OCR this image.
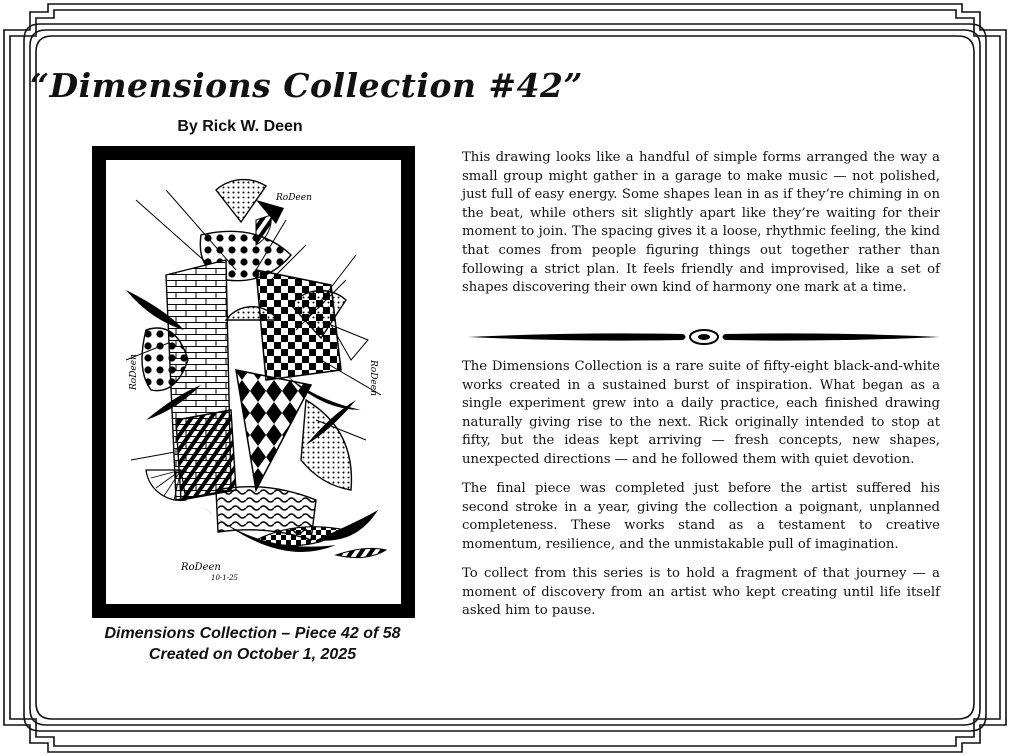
“Dimensions Collection #42”
By Rick W. Deen
RoDeen
RoDeen	RoDeen
RoDeen
10-1-25
Dimensions Collection – Piece 42 of 58
Created on October 1, 2025

This drawing looks like a handful of simple forms arranged the way a small group might gather in a garage to make music — not polished, just full of easy energy. Some shapes lean in as if they’re chiming in on the beat, while others sit slightly apart like they’re waiting for their moment to join. The spacing gives it a loose, rhythmic feeling, the kind that comes from people figuring things out together rather than following a strict plan. It feels friendly and improvised, like a set of shapes discovering their own kind of harmony one mark at a time.

The Dimensions Collection is a rare suite of fifty-eight black-and-white works created in a sustained burst of inspiration. What began as a single experiment grew into a daily practice, each finished drawing naturally giving rise to the next. Rick originally intended to stop at fifty, but the ideas kept arriving — fresh concepts, new shapes, unexpected directions — and he followed them with quiet devotion.

The final piece was completed just before the artist suffered his second stroke in a year, giving the collection a poignant, unplanned completeness. These works stand as a testament to creative momentum, resilience, and the unmistakable pull of imagination.

To collect from this series is to hold a fragment of that journey — a moment of discovery from an artist who kept creating until life itself asked him to pause.
